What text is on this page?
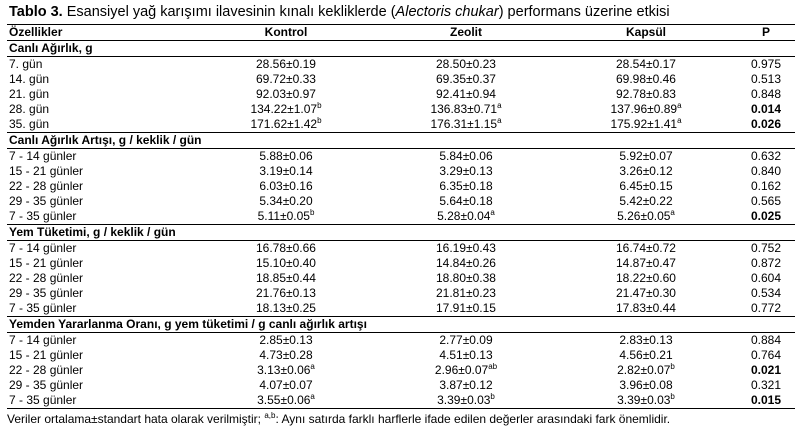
Tablo 3. Esansiyel yağ karışımı ilavesinin kınalı kekliklerde (Alectoris chukar) performans üzerine etkisi
Özellikler	Kontrol	Zeolit	Kapsül	P
Canlı Ağırlık, g				
7. gün	28.56±0.19	28.50±0.23	28.54±0.17	0.975
14. gün	69.72±0.33	69.35±0.37	69.98±0.46	0.513
21. gün	92.03±0.97	92.41±0.94	92.78±0.83	0.848
28. gün	134.22±1.07$^b$	136.83±0.71$^a$	137.96±0.89$^a$	0.014
35. gün	171.62±1.42$^b$	176.31±1.15$^a$	175.92±1.41$^a$	0.026
Canlı Ağırlık Artışı, g / keklik / gün				
7 - 14 günler	5.88±0.06	5.84±0.06	5.92±0.07	0.632
15 - 21 günler	3.19±0.14	3.29±0.13	3.26±0.12	0.840
22 - 28 günler	6.03±0.16	6.35±0.18	6.45±0.15	0.162
29 - 35 günler	5.34±0.20	5.64±0.18	5.42±0.22	0.565
7 - 35 günler	5.11±0.05$^b$	5.28±0.04$^a$	5.26±0.05$^a$	0.025
Yem Tüketimi, g / keklik / gün				
7 - 14 günler	16.78±0.66	16.19±0.43	16.74±0.72	0.752
15 - 21 günler	15.10±0.40	14.84±0.26	14.87±0.47	0.872
22 - 28 günler	18.85±0.44	18.80±0.38	18.22±0.60	0.604
29 - 35 günler	21.76±0.13	21.81±0.23	21.47±0.30	0.534
7 - 35 günler	18.13±0.25	17.91±0.15	17.83±0.44	0.772
Yemden Yararlanma Oranı, g yem tüketimi / g canlı ağırlık artışı				
7 - 14 günler	2.85±0.13	2.77±0.09	2.83±0.13	0.884
15 - 21 günler	4.73±0.28	4.51±0.13	4.56±0.21	0.764
22 - 28 günler	3.13±0.06$^a$	2.96±0.07$^{ab}$	2.82±0.07$^b$	0.021
29 - 35 günler	4.07±0.07	3.87±0.12	3.96±0.08	0.321
7 - 35 günler	3.55±0.06$^a$	3.39±0.03$^b$	3.39±0.03$^b$	0.015
Veriler ortalama±standart hata olarak verilmiştir; $^{a,b}$: Aynı satırda farklı harflerle ifade edilen değerler arasındaki fark önemlidir.
